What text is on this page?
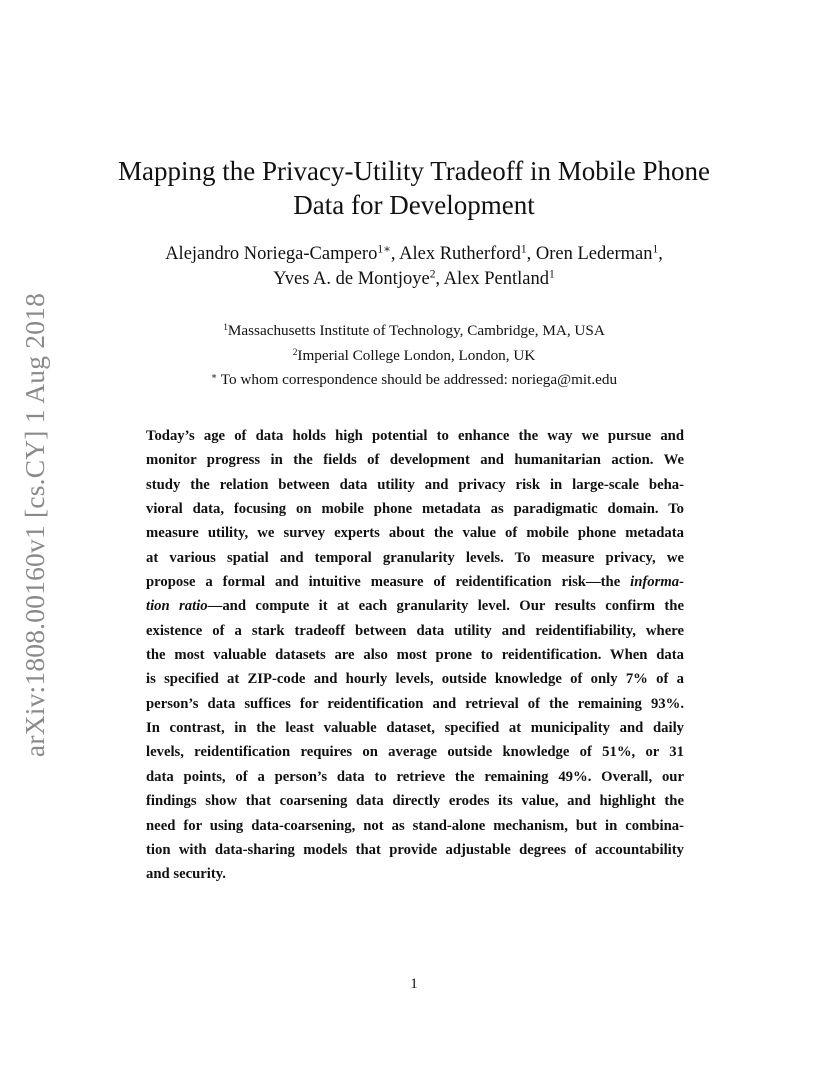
arXiv:1808.00160v1 [cs.CY] 1 Aug 2018
Mapping the Privacy-Utility Tradeoff in Mobile Phone
Data for Development
Alejandro Noriega-Campero$^{1∗}$, Alex Rutherford$^1$, Oren Lederman$^1$,
Yves A. de Montjoye$^2$, Alex Pentland$^1$
$^1$Massachusetts Institute of Technology, Cambridge, MA, USA
$^2$Imperial College London, London, UK
∗ To whom correspondence should be addressed: noriega@mit.edu
Today’s age of data holds high potential to enhance the way we pursue and
monitor progress in the fields of development and humanitarian action. We
study the relation between data utility and privacy risk in large-scale beha-
vioral data, focusing on mobile phone metadata as paradigmatic domain. To
measure utility, we survey experts about the value of mobile phone metadata
at various spatial and temporal granularity levels. To measure privacy, we
propose a formal and intuitive measure of reidentification risk—the informa-
tion ratio—and compute it at each granularity level. Our results confirm the
existence of a stark tradeoff between data utility and reidentifiability, where
the most valuable datasets are also most prone to reidentification. When data
is specified at ZIP-code and hourly levels, outside knowledge of only 7% of a
person’s data suffices for reidentification and retrieval of the remaining 93%.
In contrast, in the least valuable dataset, specified at municipality and daily
levels, reidentification requires on average outside knowledge of 51%, or 31
data points, of a person’s data to retrieve the remaining 49%. Overall, our
findings show that coarsening data directly erodes its value, and highlight the
need for using data-coarsening, not as stand-alone mechanism, but in combina-
tion with data-sharing models that provide adjustable degrees of accountability
and security.
1
